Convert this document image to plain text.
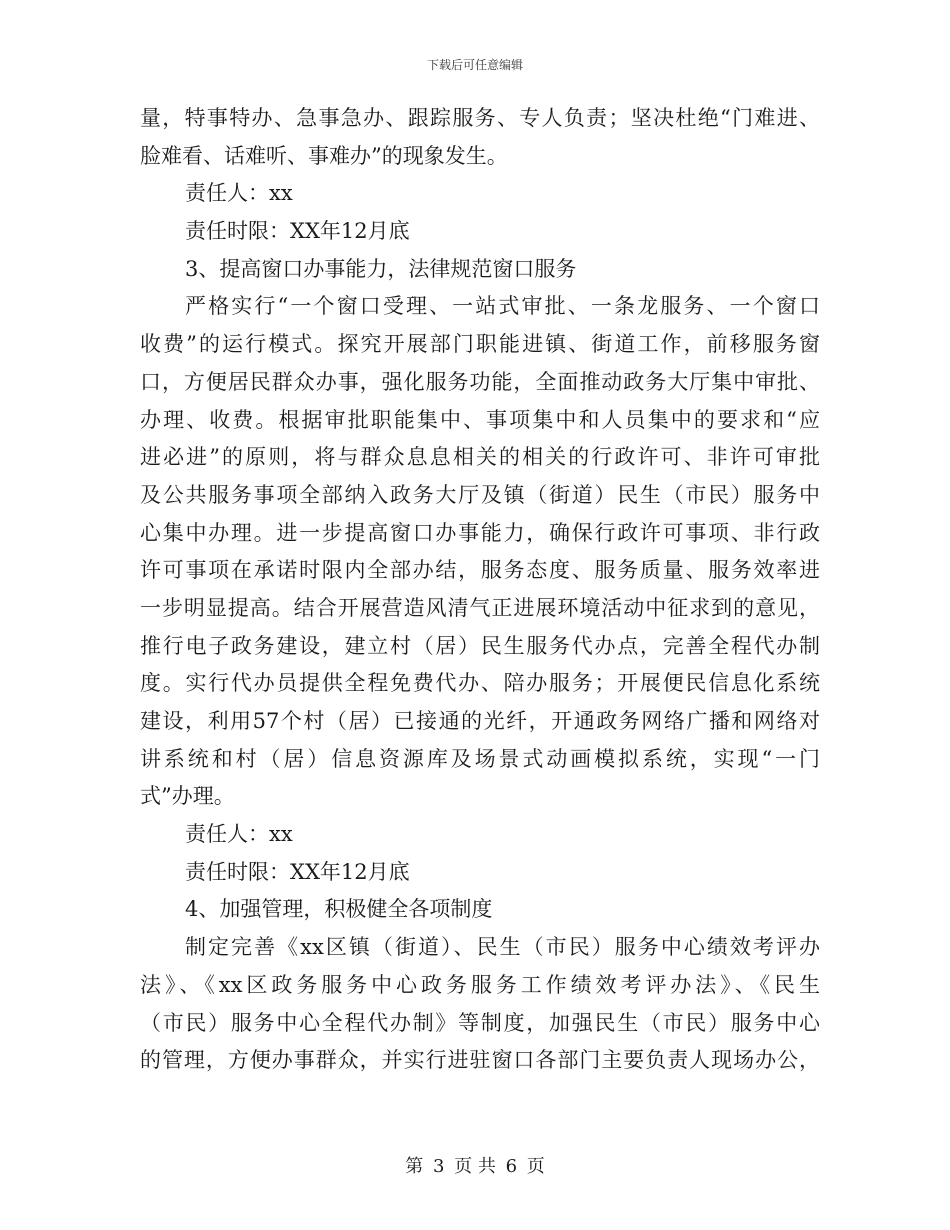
下载后可任意编辑
量，特事特办、急事急办、跟踪服务、专人负责；坚决杜绝“门难进、
脸难看、话难听、事难办”的现象发生。
责任人：xx
责任时限：XX年12月底
3、提高窗口办事能力，法律规范窗口服务
严格实行“一个窗口受理、一站式审批、一条龙服务、一个窗口
收费”的运行模式。探究开展部门职能进镇、街道工作，前移服务窗
口，方便居民群众办事，强化服务功能，全面推动政务大厅集中审批、
办理、收费。根据审批职能集中、事项集中和人员集中的要求和“应
进必进”的原则，将与群众息息相关的相关的行政许可、非许可审批
及公共服务事项全部纳入政务大厅及镇（街道）民生（市民）服务中
心集中办理。进一步提高窗口办事能力，确保行政许可事项、非行政
许可事项在承诺时限内全部办结，服务态度、服务质量、服务效率进
一步明显提高。结合开展营造风清气正进展环境活动中征求到的意见，
推行电子政务建设，建立村（居）民生服务代办点，完善全程代办制
度。实行代办员提供全程免费代办、陪办服务；开展便民信息化系统
建设，利用57个村（居）已接通的光纤，开通政务网络广播和网络对
讲系统和村（居）信息资源库及场景式动画模拟系统，实现“一门
式”办理。
责任人：xx
责任时限：XX年12月底
4、加强管理，积极健全各项制度
制定完善《xx区镇（街道）、民生（市民）服务中心绩效考评办
法》、《xx区政务服务中心政务服务工作绩效考评办法》、《民生
（市民）服务中心全程代办制》等制度，加强民生（市民）服务中心
的管理，方便办事群众，并实行进驻窗口各部门主要负责人现场办公，
第 3 页 共 6 页
